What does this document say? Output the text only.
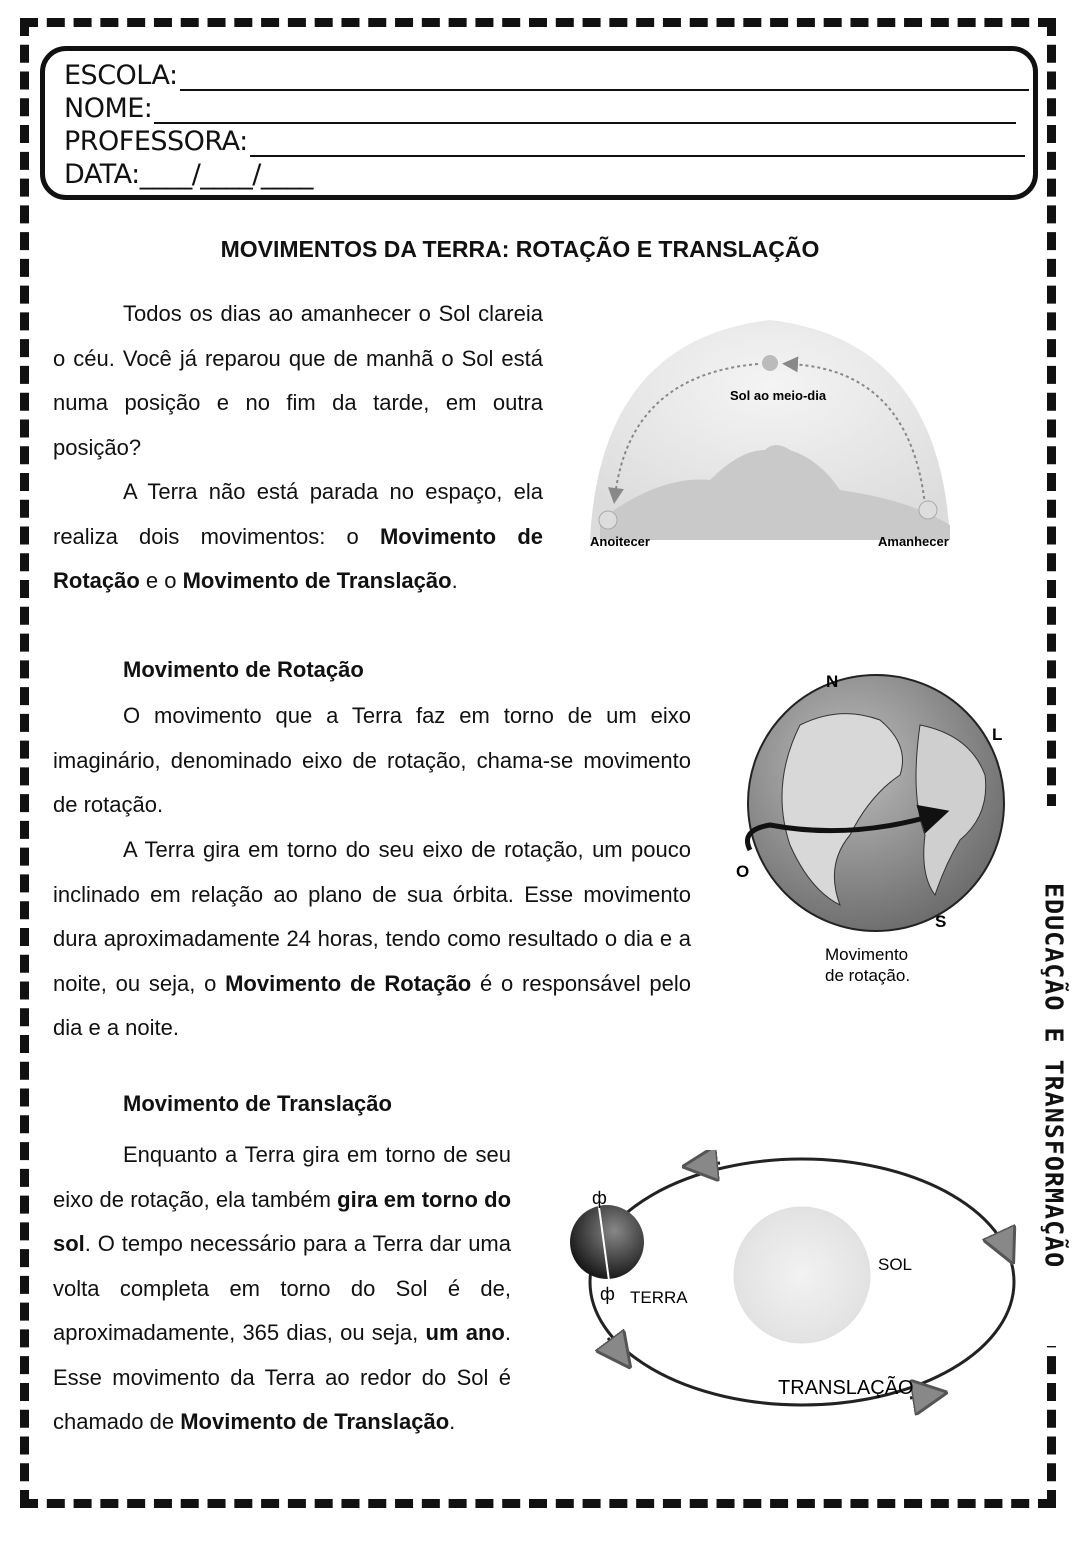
ESCOLA:
NOME:
PROFESSORA:
DATA: ____/____/____
MOVIMENTOS DA TERRA: ROTAÇÃO E TRANSLAÇÃO

Todos os dias ao amanhecer o Sol clareia o céu. Você já reparou que de manhã o Sol está numa posição e no fim da tarde, em outra posição?

A Terra não está parada no espaço, ela realiza dois movimentos: o Movimento de Rotação e o Movimento de Translação.

Sol ao meio-dia
Anoitecer	Amanhecer
Movimento de Rotação

O movimento que a Terra faz em torno de um eixo imaginário, denominado eixo de rotação, chama-se movimento de rotação.

A Terra gira em torno do seu eixo de rotação, um pouco inclinado em relação ao plano de sua órbita. Esse movimento dura aproximadamente 24 horas, tendo como resultado o dia e a noite, ou seja, o Movimento de Rotação é o responsável pelo dia e a noite.

N
L
O
S
Movimento
de rotação.
Movimento de Translação

Enquanto a Terra gira em torno de seu eixo de rotação, ela também gira em torno do sol. O tempo necessário para a Terra dar uma volta completa em torno do Sol é de, aproximadamente, 365 dias, ou seja, um ano. Esse movimento da Terra ao redor do Sol é chamado de Movimento de Translação.

ф
ф
SOL
TERRA
TRANSLAÇÃO
EDUCAÇÃO E TRANSFORMAÇÃO
